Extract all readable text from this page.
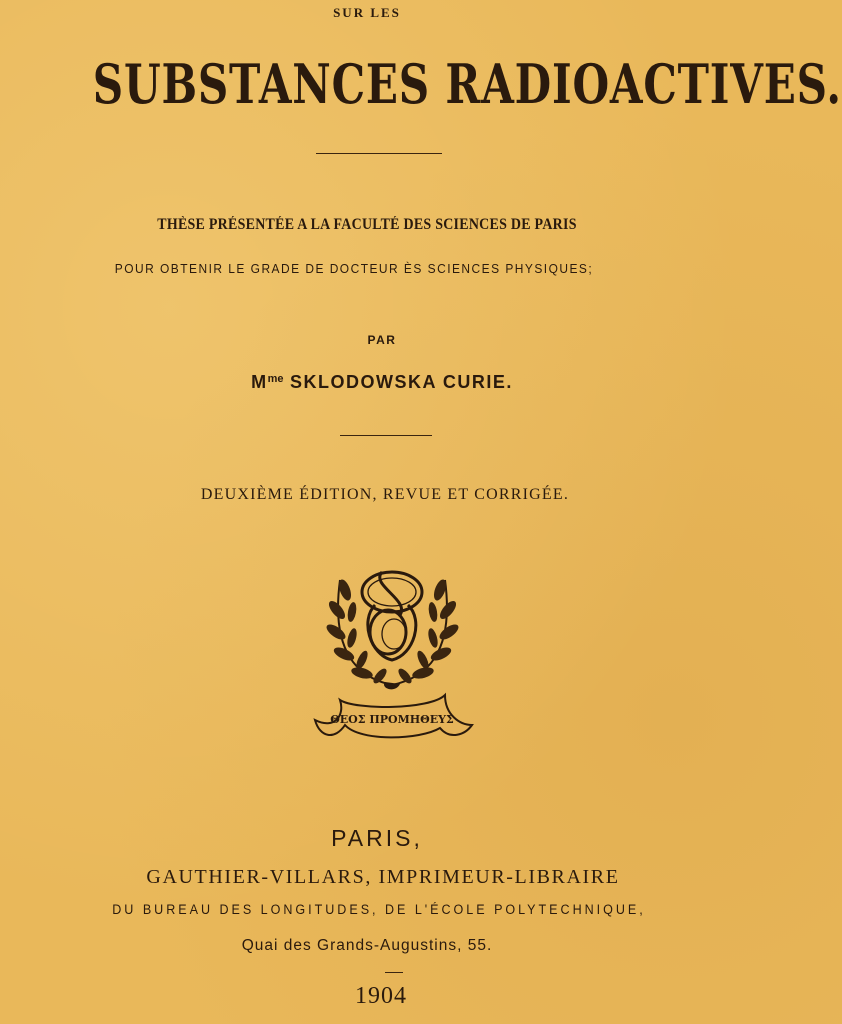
SUR LES
SUBSTANCES RADIOACTIVES.
THÈSE PRÉSENTÉE A LA FACULTÉ DES SCIENCES DE PARIS
POUR OBTENIR LE GRADE DE DOCTEUR ÈS SCIENCES PHYSIQUES;
PAR
$M^{me}$ SKLODOWSKA CURIE.
DEUXIÈME ÉDITION, REVUE ET CORRIGÉE.
ΘΕΟΣ ΠΡΟΜΗΘΕΥΣ
PARIS,
GAUTHIER-VILLARS, IMPRIMEUR-LIBRAIRE
DU BUREAU DES LONGITUDES, DE L'ÉCOLE POLYTECHNIQUE,
Quai des Grands-Augustins, 55.
1904
